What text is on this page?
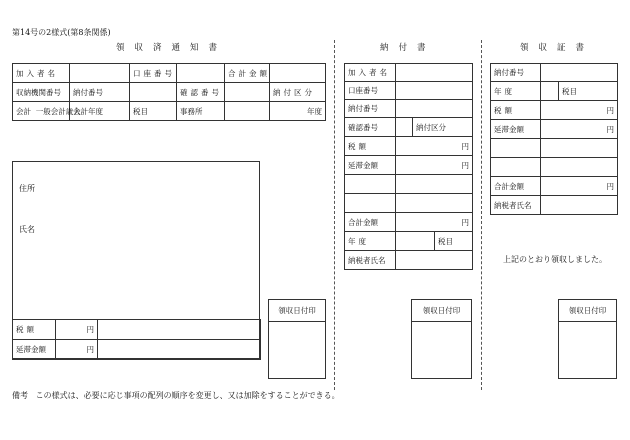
第14号の2様式(第8条関係)
領収済通知書	納付書	領収証書
加入者名		口座番号		合計金額	
収納機関番号	納付番号		確認番号		納付区分
会計 一般会計歳入	会計年度	税目	事務所		年度
住所
氏名
税額	円	
延滞金額	円	
領収日付印
加入者名			
口座番号			
納付番号			
確認番号		納付区分	
税額	円		
延滞金額	円		

合計金額	円		
年度			税目
納税者氏名			
領収日付印
納付番号		
年度		税目
税額	円	
延滞金額	円	

合計金額	円	
納税者氏名		
上記のとおり領収しました。
領収日付印
備考 この様式は、必要に応じ事項の配列の順序を変更し、又は加除をすることができる。
